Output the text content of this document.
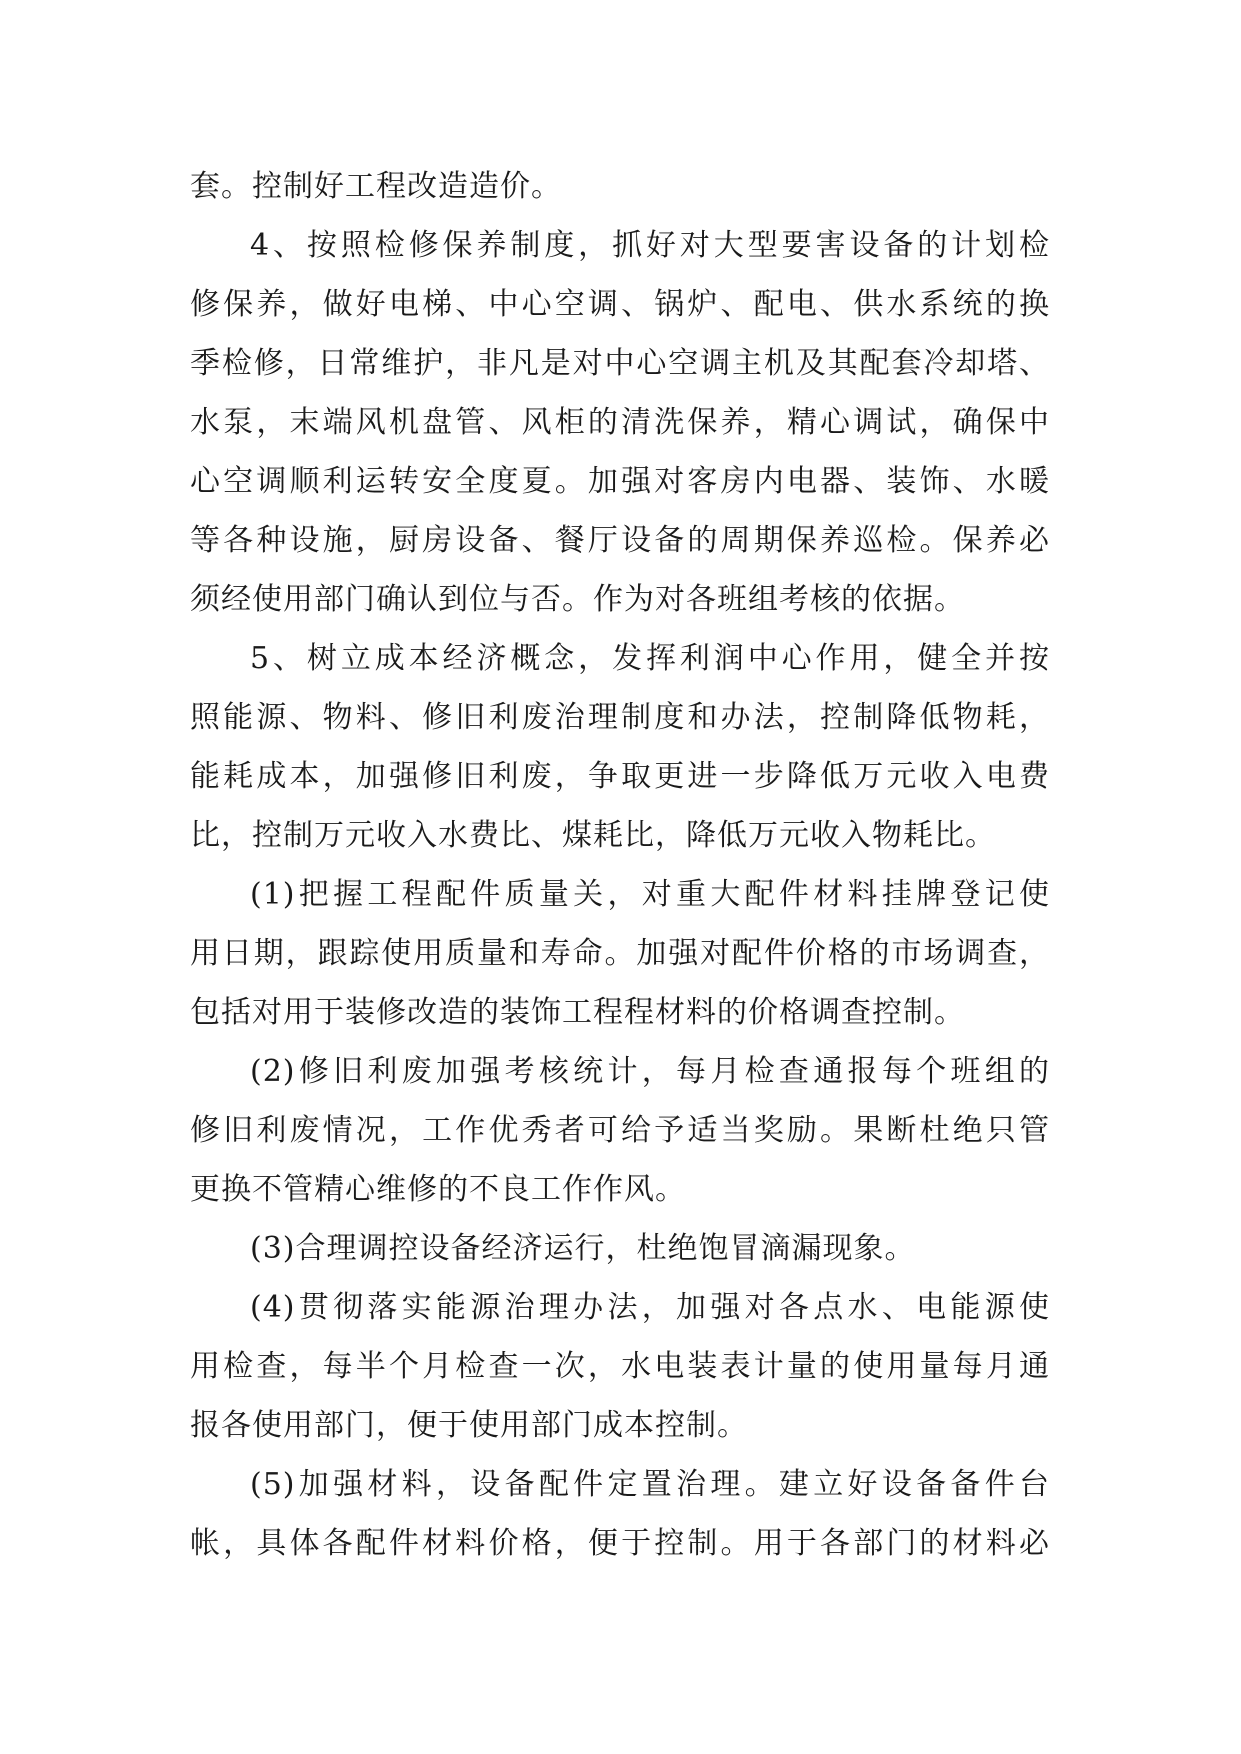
套。控制好工程改造造价。

4、按照检修保养制度，抓好对大型要害设备的计划检
修保养，做好电梯、中心空调、锅炉、配电、供水系统的换
季检修，日常维护，非凡是对中心空调主机及其配套冷却塔、
水泵，末端风机盘管、风柜的清洗保养，精心调试，确保中
心空调顺利运转安全度夏。加强对客房内电器、装饰、水暖
等各种设施，厨房设备、餐厅设备的周期保养巡检。保养必
须经使用部门确认到位与否。作为对各班组考核的依据。

5、树立成本经济概念，发挥利润中心作用，健全并按
照能源、物料、修旧利废治理制度和办法，控制降低物耗，
能耗成本，加强修旧利废，争取更进一步降低万元收入电费
比，控制万元收入水费比、煤耗比，降低万元收入物耗比。

(1)把握工程配件质量关，对重大配件材料挂牌登记使
用日期，跟踪使用质量和寿命。加强对配件价格的市场调查，
包括对用于装修改造的装饰工程程材料的价格调查控制。

(2)修旧利废加强考核统计，每月检查通报每个班组的
修旧利废情况，工作优秀者可给予适当奖励。果断杜绝只管
更换不管精心维修的不良工作作风。

(3)合理调控设备经济运行，杜绝饱冒滴漏现象。

(4)贯彻落实能源治理办法，加强对各点水、电能源使
用检查，每半个月检查一次，水电装表计量的使用量每月通
报各使用部门，便于使用部门成本控制。

(5)加强材料，设备配件定置治理。建立好设备备件台
帐，具体各配件材料价格，便于控制。用于各部门的材料必
